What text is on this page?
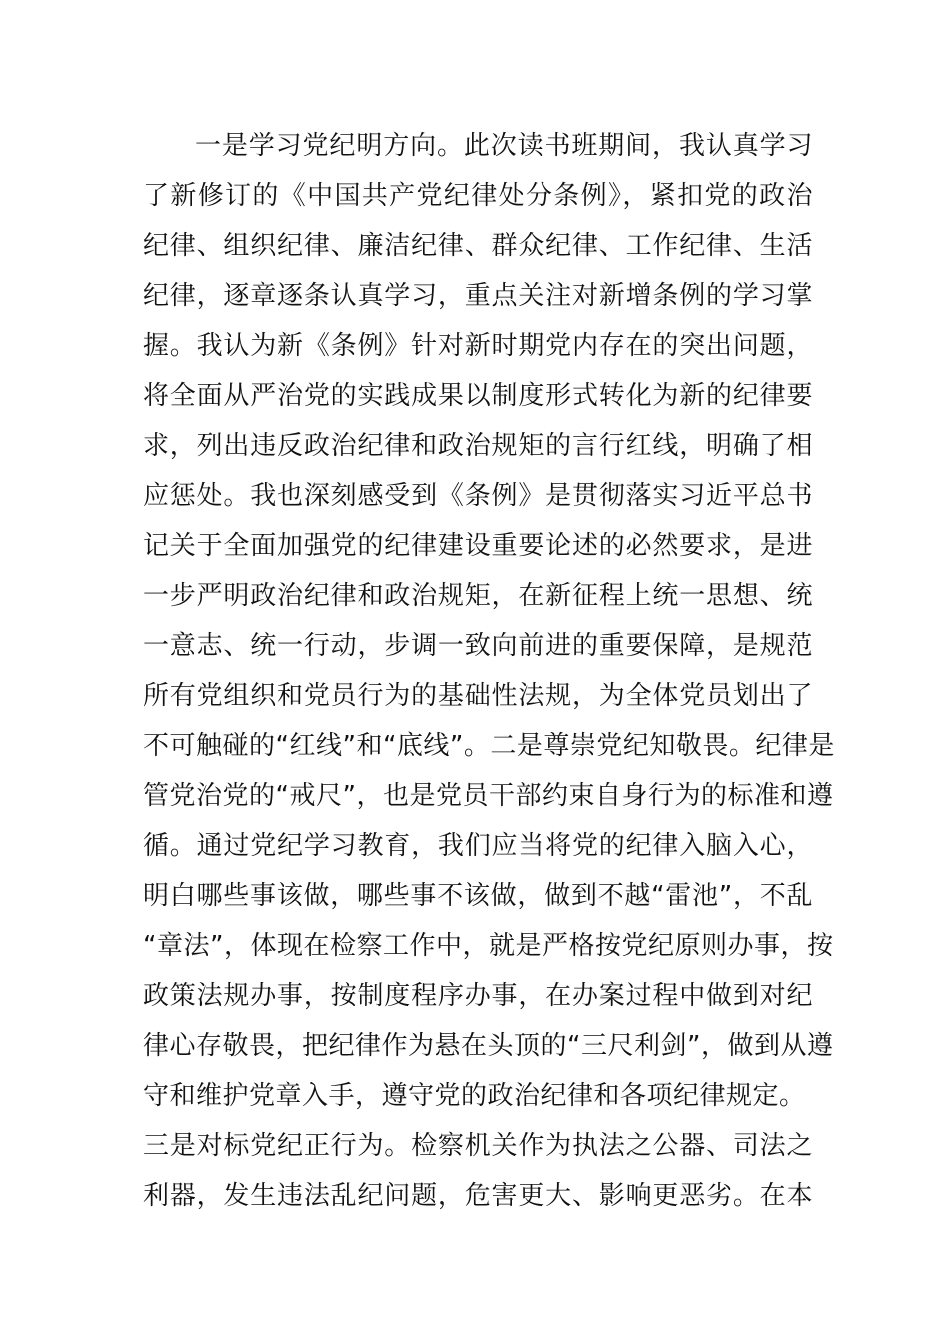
一是学习党纪明方向。此次读书班期间，我认真学习
了新修订的《中国共产党纪律处分条例》，紧扣党的政治
纪律、组织纪律、廉洁纪律、群众纪律、工作纪律、生活
纪律，逐章逐条认真学习，重点关注对新增条例的学习掌
握。我认为新《条例》针对新时期党内存在的突出问题，
将全面从严治党的实践成果以制度形式转化为新的纪律要
求，列出违反政治纪律和政治规矩的言行红线，明确了相
应惩处。我也深刻感受到《条例》是贯彻落实习近平总书
记关于全面加强党的纪律建设重要论述的必然要求，是进
一步严明政治纪律和政治规矩，在新征程上统一思想、统
一意志、统一行动，步调一致向前进的重要保障，是规范
所有党组织和党员行为的基础性法规，为全体党员划出了
不可触碰的“红线”和“底线”。二是尊崇党纪知敬畏。纪律是
管党治党的“戒尺”，也是党员干部约束自身行为的标准和遵
循。通过党纪学习教育，我们应当将党的纪律入脑入心，
明白哪些事该做，哪些事不该做，做到不越“雷池”，不乱
“章法”，体现在检察工作中，就是严格按党纪原则办事，按
政策法规办事，按制度程序办事，在办案过程中做到对纪
律心存敬畏，把纪律作为悬在头顶的“三尺利剑”，做到从遵
守和维护党章入手，遵守党的政治纪律和各项纪律规定。
三是对标党纪正行为。检察机关作为执法之公器、司法之
利器，发生违法乱纪问题，危害更大、影响更恶劣。在本
